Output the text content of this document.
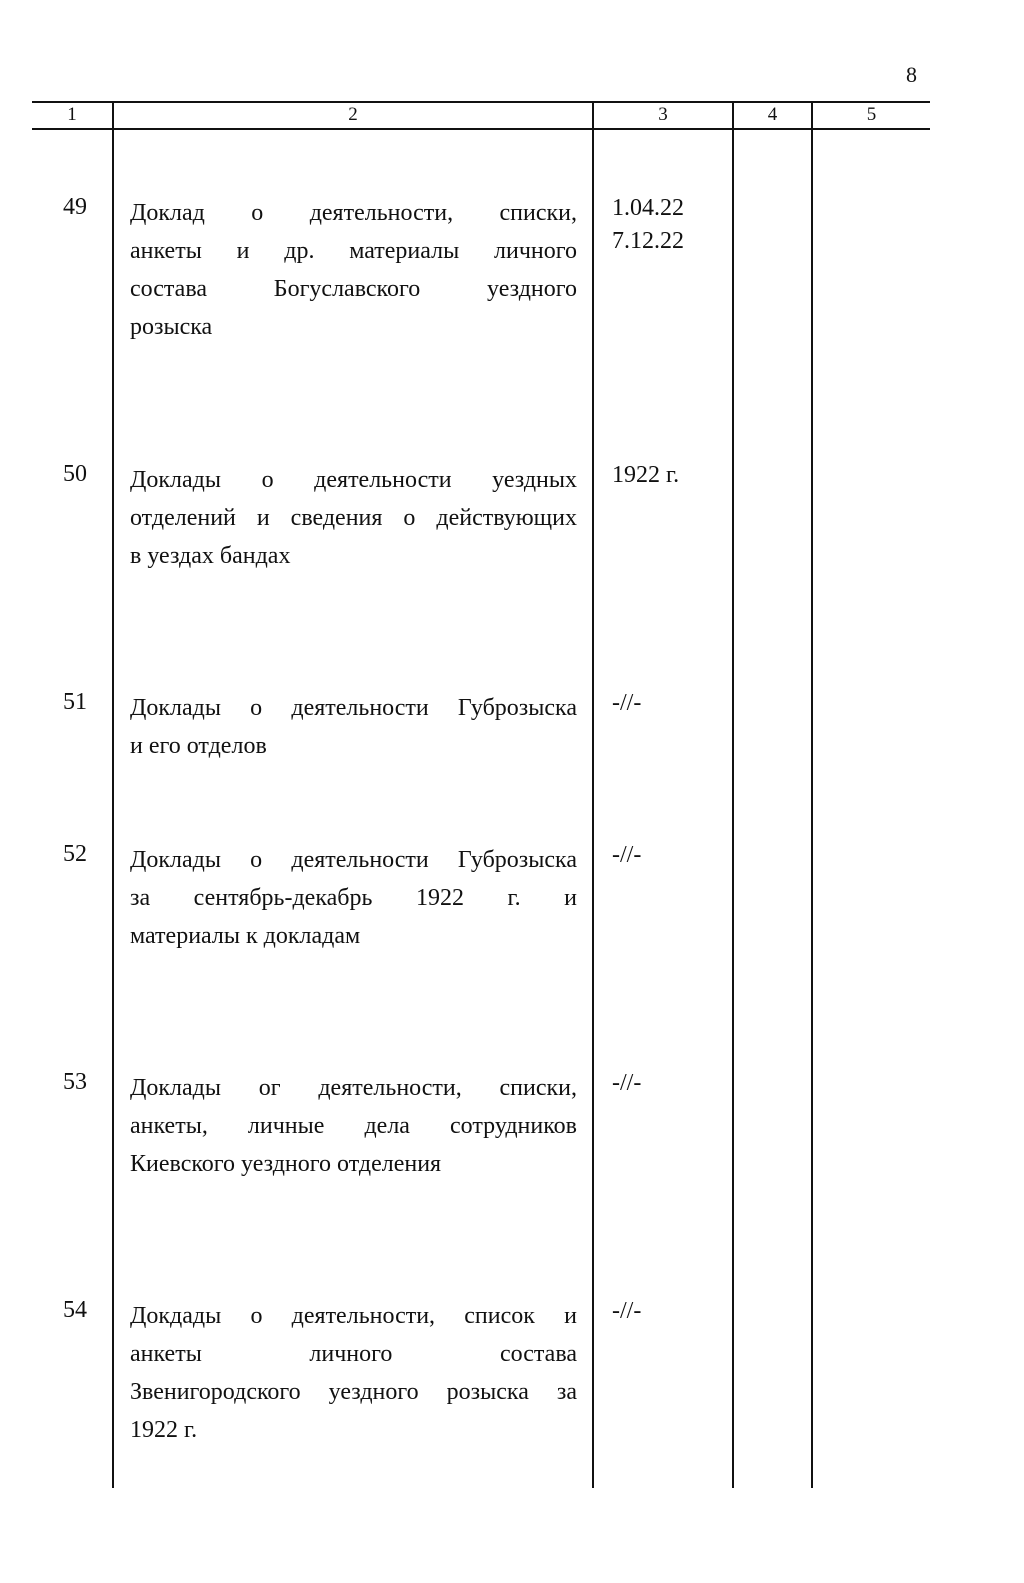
8
1	2	3	4	5
49	Доклад о деятельности, списки,
анкеты и др. материалы личного
состава Богуславского уездного
розыска
1.04.22
7.12.22
50	Доклады о деятельности уездных
отделений и сведения о действующих
в уездах бандах
1922 г.
51	Доклады о деятельности Губрозыска
и его отделов
-//-
52	Доклады о деятельности Губрозыска
за сентябрь-декабрь 1922 г. и
материалы к докладам
-//-
53	Доклады ог деятельности, списки,
анкеты, личные дела сотрудников
Киевского уездного отделения
-//-
54	Докдады о деятельности, список и
анкеты личного состава
Звенигородского уездного розыска за
1922 г.
-//-
